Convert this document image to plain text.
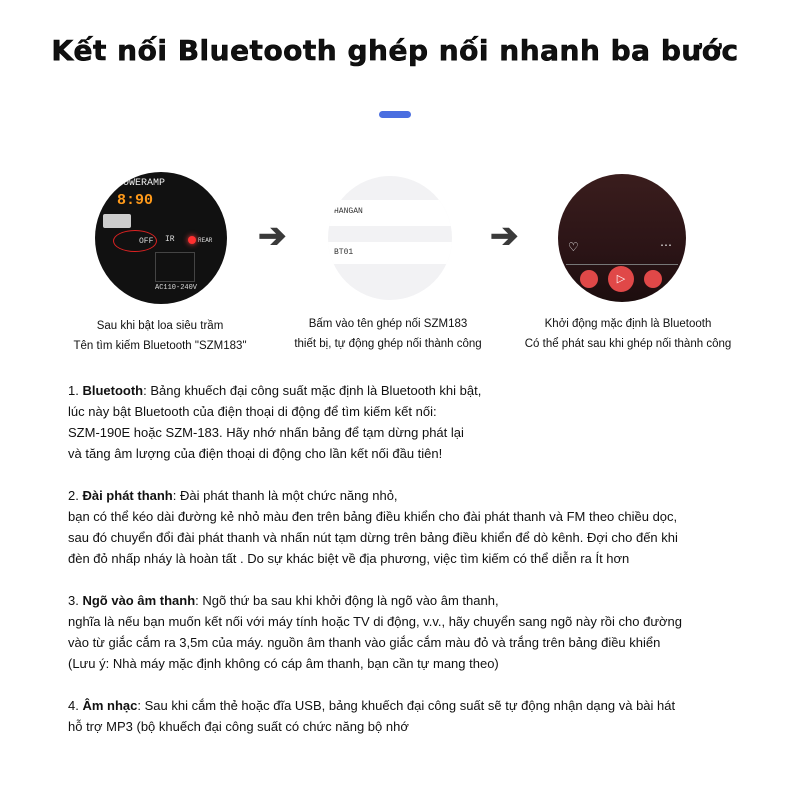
Kết nối Bluetooth ghép nối nhanh ba bước
OWERAMP
8:90
OFF IR	REAR
AC110-240V
➔
HANGAN
BT01	➔	♡	⋯
▷
Sau khi bật loa siêu trầm
Tên tìm kiếm Bluetooth "SZM183"
Bấm vào tên ghép nối SZM183
thiết bị, tự động ghép nối thành công
Khởi động mặc định là Bluetooth
Có thể phát sau khi ghép nối thành công
1. Bluetooth: Bảng khuếch đại công suất mặc định là Bluetooth khi bật,
lúc này bật Bluetooth của điện thoại di động để tìm kiếm kết nối:
SZM-190E hoặc SZM-183. Hãy nhớ nhấn bảng để tạm dừng phát lại
và tăng âm lượng của điện thoại di động cho lần kết nối đầu tiên!
2. Đài phát thanh: Đài phát thanh là một chức năng nhỏ,
bạn có thể kéo dài đường kẻ nhỏ màu đen trên bảng điều khiển cho đài phát thanh và FM theo chiều dọc,
sau đó chuyển đổi đài phát thanh và nhấn nút tạm dừng trên bảng điều khiển để dò kênh. Đợi cho đến khi
đèn đỏ nhấp nháy là hoàn tất . Do sự khác biệt về địa phương, việc tìm kiếm có thể diễn ra Ít hơn
3. Ngõ vào âm thanh: Ngõ thứ ba sau khi khởi động là ngõ vào âm thanh,
nghĩa là nếu bạn muốn kết nối với máy tính hoặc TV di động, v.v., hãy chuyển sang ngõ này rồi cho đường
vào từ giắc cắm ra 3,5m của máy. nguồn âm thanh vào giắc cắm màu đỏ và trắng trên bảng điều khiển
(Lưu ý: Nhà máy mặc định không có cáp âm thanh, bạn cần tự mang theo)
4. Âm nhạc: Sau khi cắm thẻ hoặc đĩa USB, bảng khuếch đại công suất sẽ tự động nhận dạng và bài hát
hỗ trợ MP3 (bộ khuếch đại công suất có chức năng bộ nhớ
